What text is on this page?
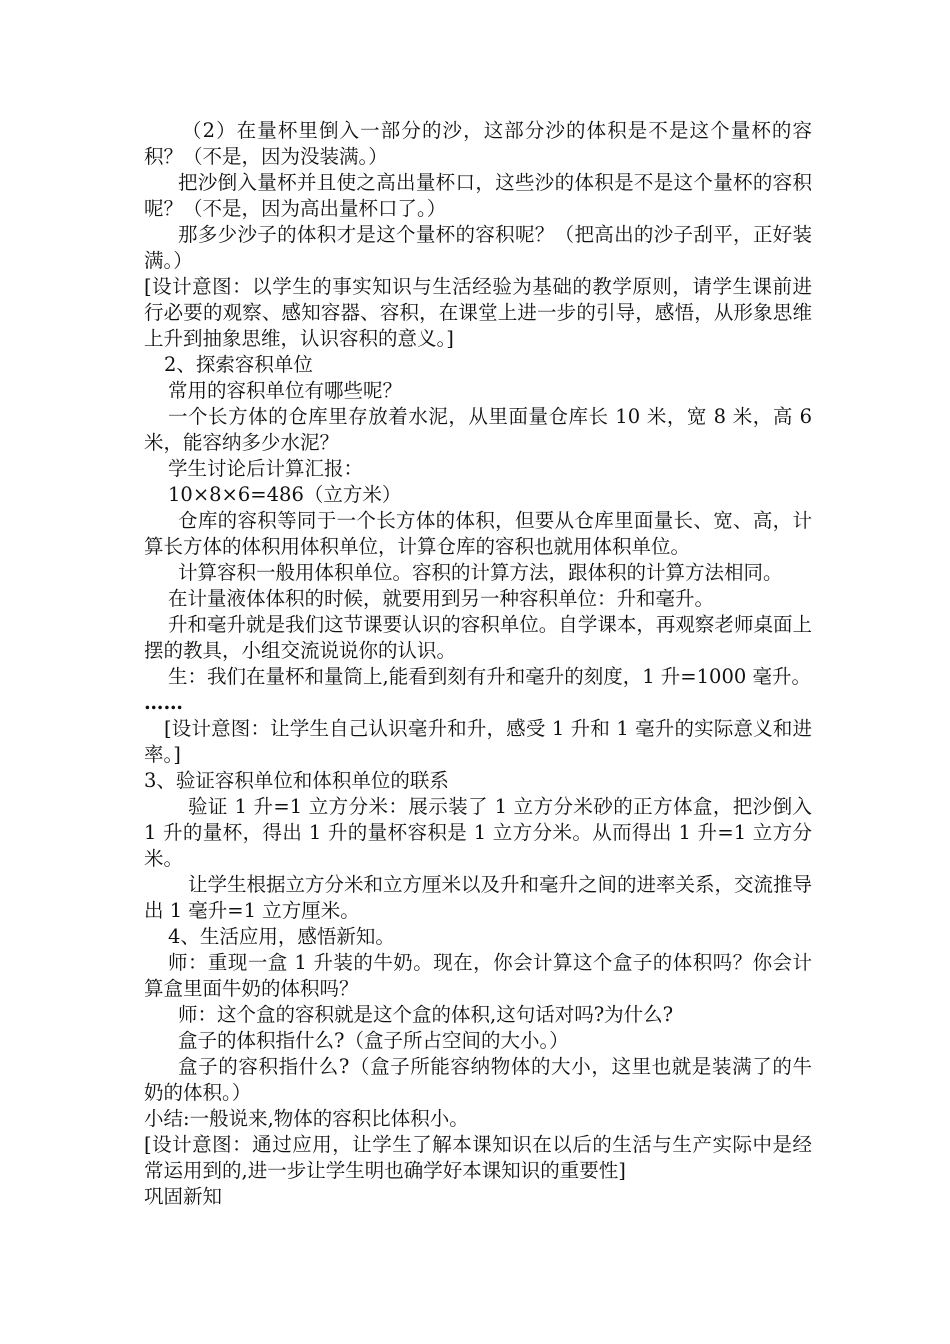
（2）在量杯里倒入一部分的沙，这部分沙的体积是不是这个量杯的容积？（不是，因为没装满。）

把沙倒入量杯并且使之高出量杯口，这些沙的体积是不是这个量杯的容积呢？（不是，因为高出量杯口了。）

那多少沙子的体积才是这个量杯的容积呢？（把高出的沙子刮平，正好装满。）

[设计意图：以学生的事实知识与生活经验为基础的教学原则，请学生课前进行必要的观察、感知容器、容积，在课堂上进一步的引导，感悟，从形象思维上升到抽象思维，认识容积的意义。]

2、探索容积单位

常用的容积单位有哪些呢？

一个长方体的仓库里存放着水泥，从里面量仓库长 10 米，宽 8 米，高 6 米，能容纳多少水泥？

学生讨论后计算汇报：

10×8×6=486（立方米）

仓库的容积等同于一个长方体的体积，但要从仓库里面量长、宽、高，计算长方体的体积用体积单位，计算仓库的容积也就用体积单位。

计算容积一般用体积单位。容积的计算方法，跟体积的计算方法相同。

在计量液体体积的时候，就要用到另一种容积单位：升和毫升。

升和毫升就是我们这节课要认识的容积单位。自学课本，再观察老师桌面上摆的教具，小组交流说说你的认识。

生：我们在量杯和量筒上,能看到刻有升和毫升的刻度，1 升=1000 毫升。

……

[设计意图：让学生自己认识毫升和升，感受 1 升和 1 毫升的实际意义和进率。]

3、验证容积单位和体积单位的联系

验证 1 升=1 立方分米：展示装了 1 立方分米砂的正方体盒，把沙倒入 1 升的量杯，得出 1 升的量杯容积是 1 立方分米。从而得出 1 升=1 立方分米。

让学生根据立方分米和立方厘米以及升和毫升之间的进率关系，交流推导出 1 毫升=1 立方厘米。

4、生活应用，感悟新知。

师：重现一盒 1 升装的牛奶。现在，你会计算这个盒子的体积吗？你会计算盒里面牛奶的体积吗？

师：这个盒的容积就是这个盒的体积,这句话对吗?为什么?

盒子的体积指什么?（盒子所占空间的大小。）

盒子的容积指什么?（盒子所能容纳物体的大小，这里也就是装满了的牛奶的体积。）

小结:一般说来,物体的容积比体积小。

[设计意图：通过应用，让学生了解本课知识在以后的生活与生产实际中是经常运用到的,进一步让学生明也确学好本课知识的重要性]

巩固新知
